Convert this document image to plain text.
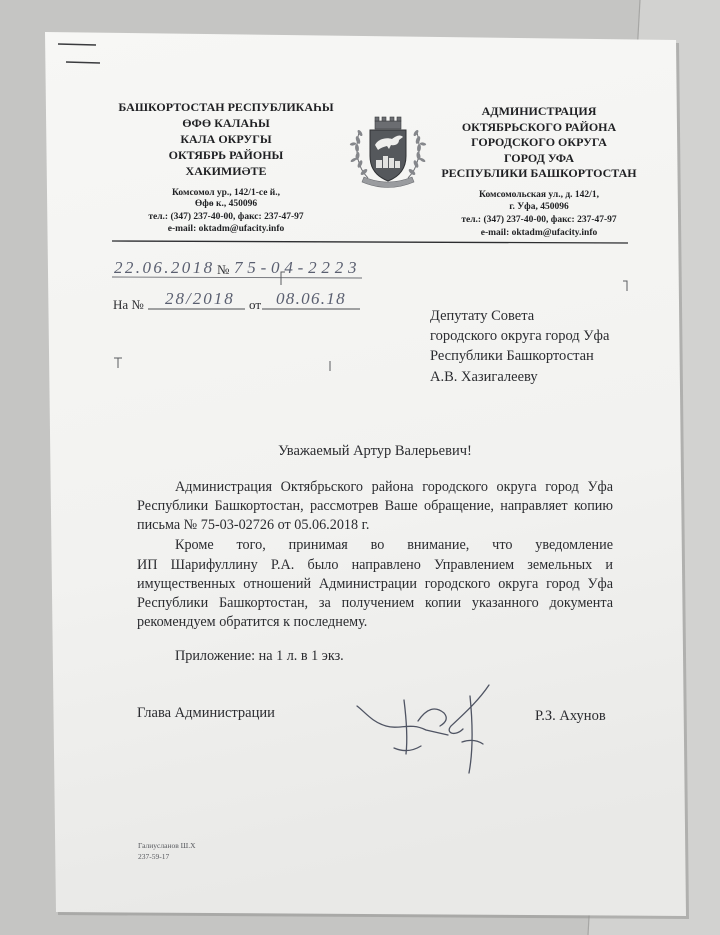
БАШКОРТОСТАН РЕСПУБЛИКАҺЫ
ӨФӨ КАЛАҺЫ
КАЛА ОКРУГЫ
ОКТЯБРЬ РАЙОНЫ
ХАКИМИӘТЕ
Комсомол ур., 142/1-се й.,
Өфө к., 450096
тел.: (347) 237-40-00, факс: 237-47-97
e-mail: oktadm@ufacity.info
АДМИНИСТРАЦИЯ
ОКТЯБРЬСКОГО РАЙОНА
ГОРОДСКОГО ОКРУГА
ГОРОД УФА
РЕСПУБЛИКИ БАШКОРТОСТАН
Комсомольская ул., д. 142/1,
г. Уфа, 450096
тел.: (347) 237-40-00, факс: 237-47-97
e-mail: oktadm@ufacity.info
22.06.2018 № 75-04-2223
На № 28/2018 от 08.06.18
Депутату Совета
городского округа город Уфа
Республики Башкортостан
А.В. Хазигалееву
Уважаемый Артур Валерьевич!
Администрация Октябрьского района городского округа город Уфа
Республики Башкортостан, рассмотрев Ваше обращение, направляет копию
письма № 75-03-02726 от 05.06.2018 г.
Кроме того, принимая во внимание, что уведомление
ИП Шарифуллину Р.А. было направлено Управлением земельных и
имущественных отношений Администрации городского округа город Уфа
Республики Башкортостан, за получением копии указанного документа
рекомендуем обратится к последнему.
Приложение: на 1 л. в 1 экз.
Глава Администрации	Р.З. Ахунов
Галиусланов Ш.Х
237-59-17
